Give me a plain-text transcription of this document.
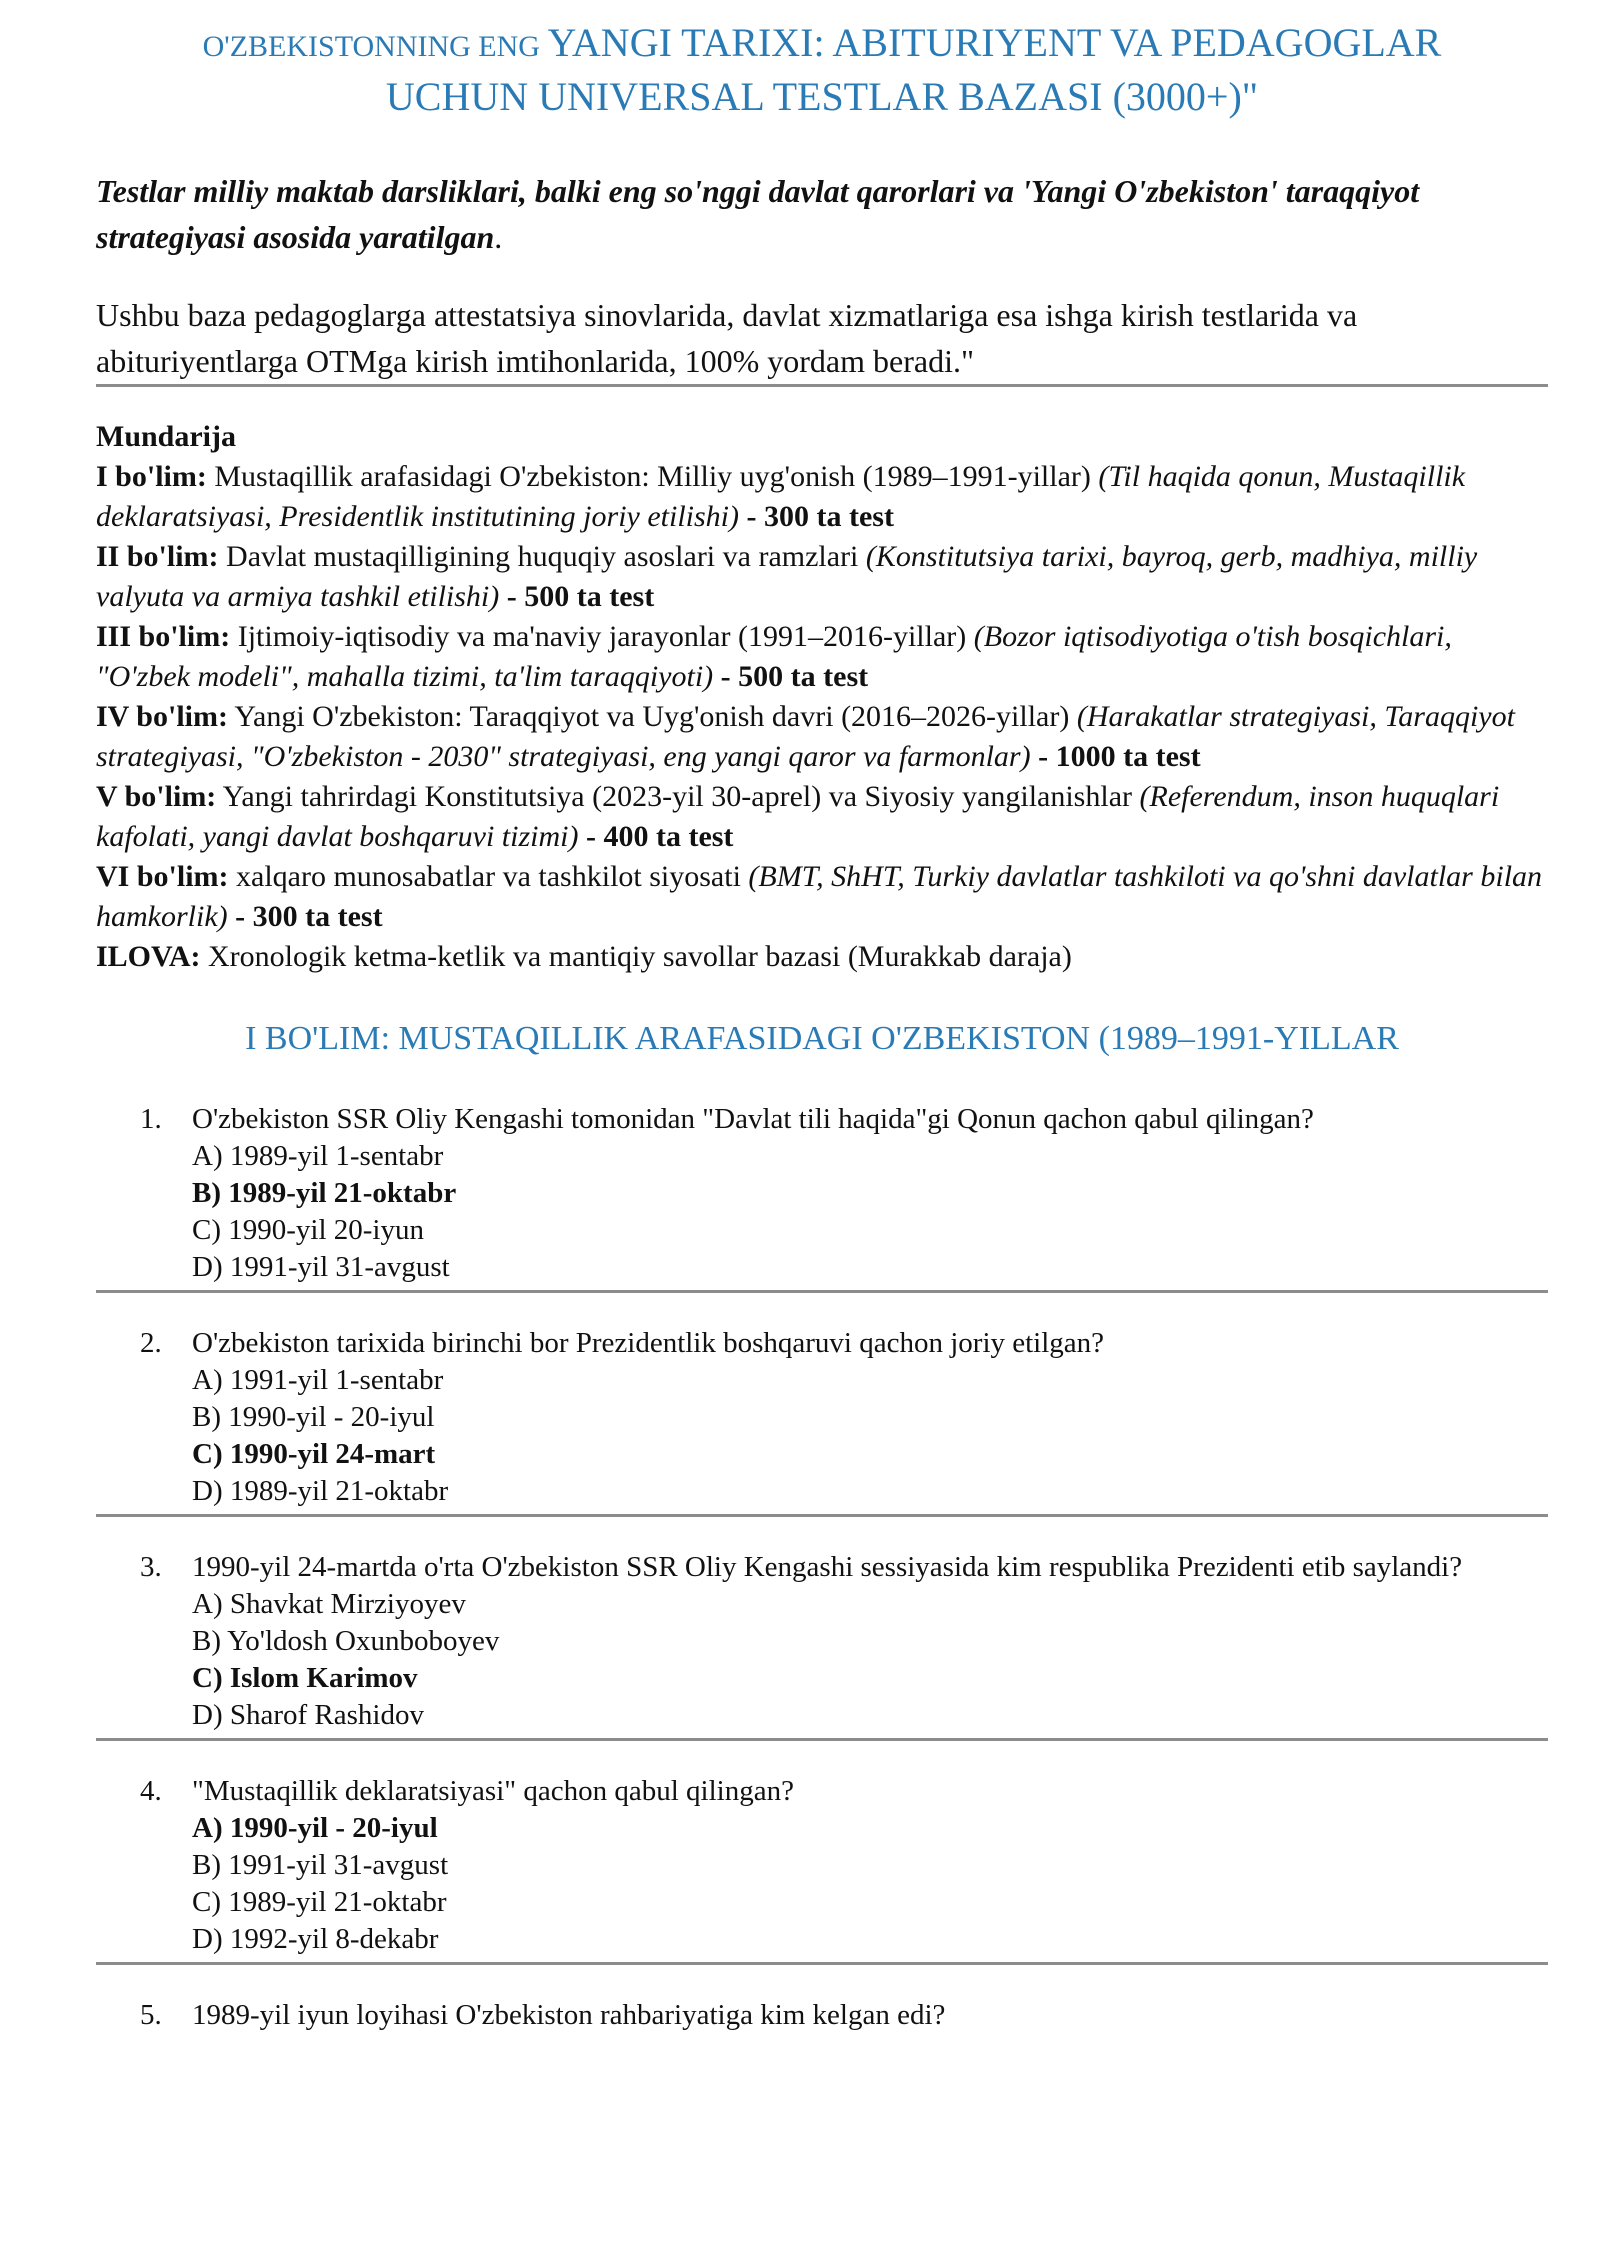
O'ZBEKISTONNING ENG YANGI TARIXI: ABITURIYENT VA PEDAGOGLAR
UCHUN UNIVERSAL TESTLAR BAZASI (3000+)"

Testlar milliy maktab darsliklari, balki eng so'nggi davlat qarorlari va 'Yangi O'zbekiston' taraqqiyot strategiyasi asosida yaratilgan.

Ushbu baza pedagoglarga attestatsiya sinovlarida, davlat xizmatlariga esa ishga kirish testlarida va abituriyentlarga OTMga kirish imtihonlarida, 100% yordam beradi."

Mundarija

I bo'lim: Mustaqillik arafasidagi O'zbekiston: Milliy uyg'onish (1989–1991-yillar) (Til haqida qonun, Mustaqillik deklaratsiyasi, Presidentlik institutining joriy etilishi) - 300 ta test

II bo'lim: Davlat mustaqilligining huquqiy asoslari va ramzlari (Konstitutsiya tarixi, bayroq, gerb, madhiya, milliy valyuta va armiya tashkil etilishi) - 500 ta test

III bo'lim: Ijtimoiy-iqtisodiy va ma'naviy jarayonlar (1991–2016-yillar) (Bozor iqtisodiyotiga o'tish bosqichlari, "O'zbek modeli", mahalla tizimi, ta'lim taraqqiyoti) - 500 ta test

IV bo'lim: Yangi O'zbekiston: Taraqqiyot va Uyg'onish davri (2016–2026-yillar) (Harakatlar strategiyasi, Taraqqiyot strategiyasi, "O'zbekiston - 2030" strategiyasi, eng yangi qaror va farmonlar) - 1000 ta test

V bo'lim: Yangi tahrirdagi Konstitutsiya (2023-yil 30-aprel) va Siyosiy yangilanishlar (Referendum, inson huquqlari kafolati, yangi davlat boshqaruvi tizimi) - 400 ta test

VI bo'lim: xalqaro munosabatlar va tashkilot siyosati (BMT, ShHT, Turkiy davlatlar tashkiloti va qo'shni davlatlar bilan hamkorlik) - 300 ta test

ILOVA: Xronologik ketma-ketlik va mantiqiy savollar bazasi (Murakkab daraja)

I BO'LIM: MUSTAQILLIK ARAFASIDAGI O'ZBEKISTON (1989–1991-YILLAR
1. O'zbekiston SSR Oliy Kengashi tomonidan "Davlat tili haqida"gi Qonun qachon qabul qilingan?
A) 1989-yil 1-sentabr
B) 1989-yil 21-oktabr
C) 1990-yil 20-iyun
D) 1991-yil 31-avgust
2. O'zbekiston tarixida birinchi bor Prezidentlik boshqaruvi qachon joriy etilgan?
A) 1991-yil 1-sentabr
B) 1990-yil - 20-iyul
C) 1990-yil 24-mart
D) 1989-yil 21-oktabr
3. 1990-yil 24-martda o'rta O'zbekiston SSR Oliy Kengashi sessiyasida kim respublika Prezidenti etib saylandi?
A) Shavkat Mirziyoyev
B) Yo'ldosh Oxunboboyev
C) Islom Karimov
D) Sharof Rashidov
4. "Mustaqillik deklaratsiyasi" qachon qabul qilingan?
A) 1990-yil - 20-iyul
B) 1991-yil 31-avgust
C) 1989-yil 21-oktabr
D) 1992-yil 8-dekabr
5. 1989-yil iyun loyihasi O'zbekiston rahbariyatiga kim kelgan edi?
